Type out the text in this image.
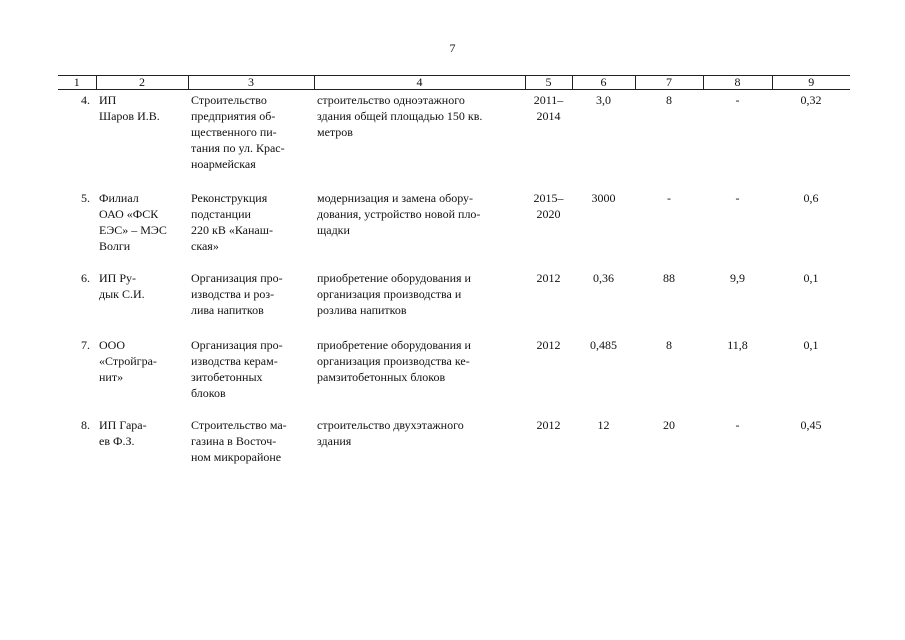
7
1	2	3	4	5	6	7	8	9
4.	ИП
Шаров И.В.	Строительство
предприятия об-
щественного пи-
тания по ул. Крас-
ноармейская	строительство одноэтажного
здания общей площадью 150 кв.
метров	2011–
2014	3,0	8	-	0,32
5.	Филиал
ОАО «ФСК
ЕЭС» – МЭС
Волги	Реконструкция
подстанции
220 кВ «Канаш-
ская»	модернизация и замена обору-
дования, устройство новой пло-
щадки	2015–
2020	3000	-	-	0,6
6.	ИП Ру-
дык С.И.	Организация про-
изводства и роз-
лива напитков	приобретение оборудования и
организация производства и
розлива напитков	2012	0,36	88	9,9	0,1
7.	ООО
«Стройгра-
нит»	Организация про-
изводства керам-
зитобетонных
блоков	приобретение оборудования и
организация производства ке-
рамзитобетонных блоков	2012	0,485	8	11,8	0,1
8.	ИП Гара-
ев Ф.З.	Строительство ма-
газина в Восточ-
ном микрорайоне	строительство двухэтажного
здания	2012	12	20	-	0,45
